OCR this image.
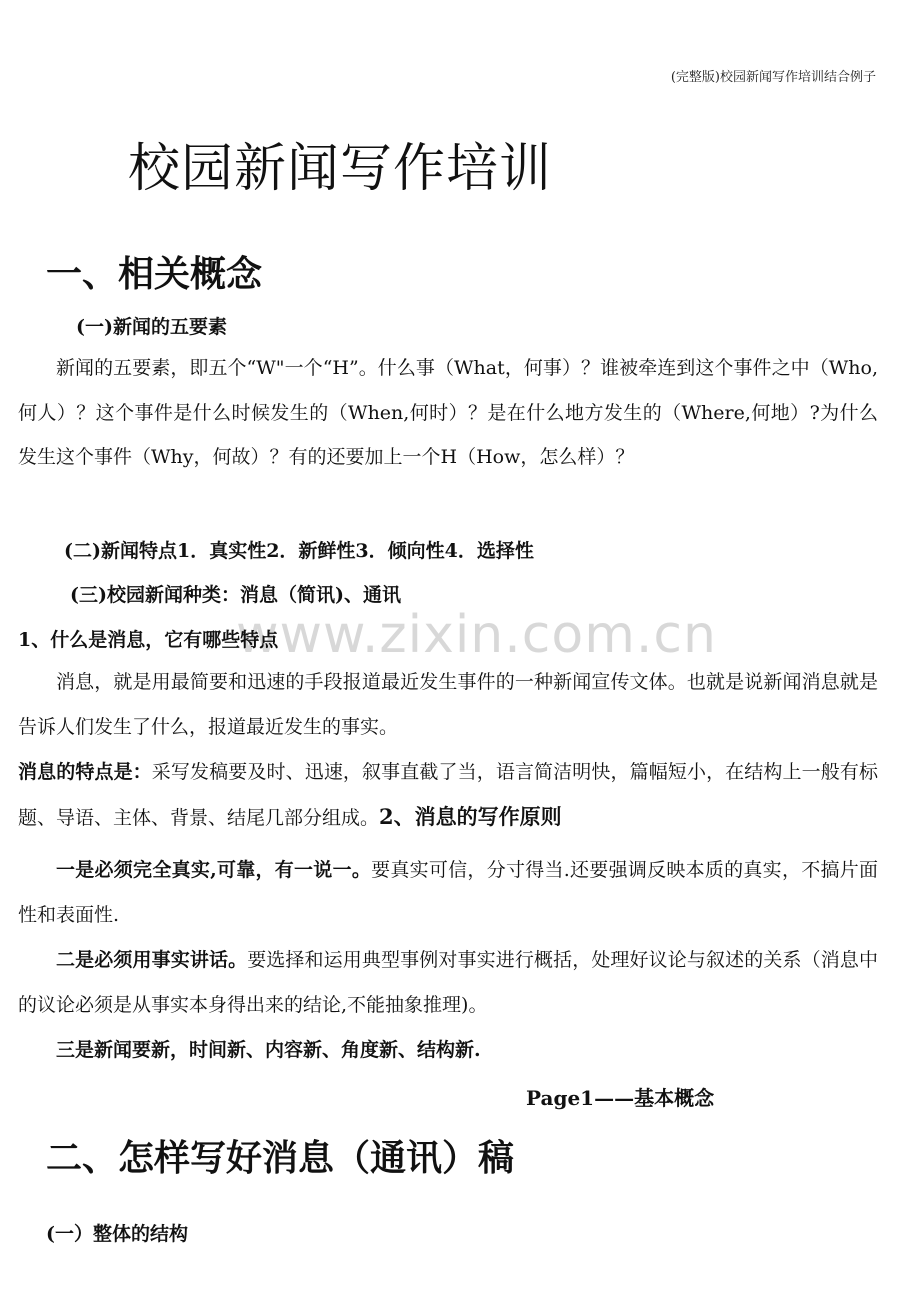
(完整版)校园新闻写作培训结合例子
www.zixin.com.cn
校园新闻写作培训
一、相关概念
(一)新闻的五要素
新闻的五要素，即五个“W"一个“H”。什么事（What，何事）？谁被牵连到这个事件之中（Who,何人）？这个事件是什么时候发生的（When,何时）？是在什么地方发生的（Where,何地）?为什么发生这个事件（Why，何故）？有的还要加上一个H（How，怎么样）？
(二)新闻特点1．真实性2．新鲜性3．倾向性4．选择性
(三)校园新闻种类：消息（简讯)、通讯
1、什么是消息，它有哪些特点
消息，就是用最简要和迅速的手段报道最近发生事件的一种新闻宣传文体。也就是说新闻消息就是告诉人们发生了什么，报道最近发生的事实。
消息的特点是：采写发稿要及时、迅速，叙事直截了当，语言简洁明快，篇幅短小，在结构上一般有标题、导语、主体、背景、结尾几部分组成。2、消息的写作原则
一是必须完全真实,可靠，有一说一。要真实可信，分寸得当.还要强调反映本质的真实，不搞片面性和表面性.
二是必须用事实讲话。要选择和运用典型事例对事实进行概括，处理好议论与叙述的关系（消息中的议论必须是从事实本身得出来的结论,不能抽象推理)。
三是新闻要新，时间新、内容新、角度新、结构新.
Page1——基本概念
二、怎样写好消息（通讯）稿
(一）整体的结构
